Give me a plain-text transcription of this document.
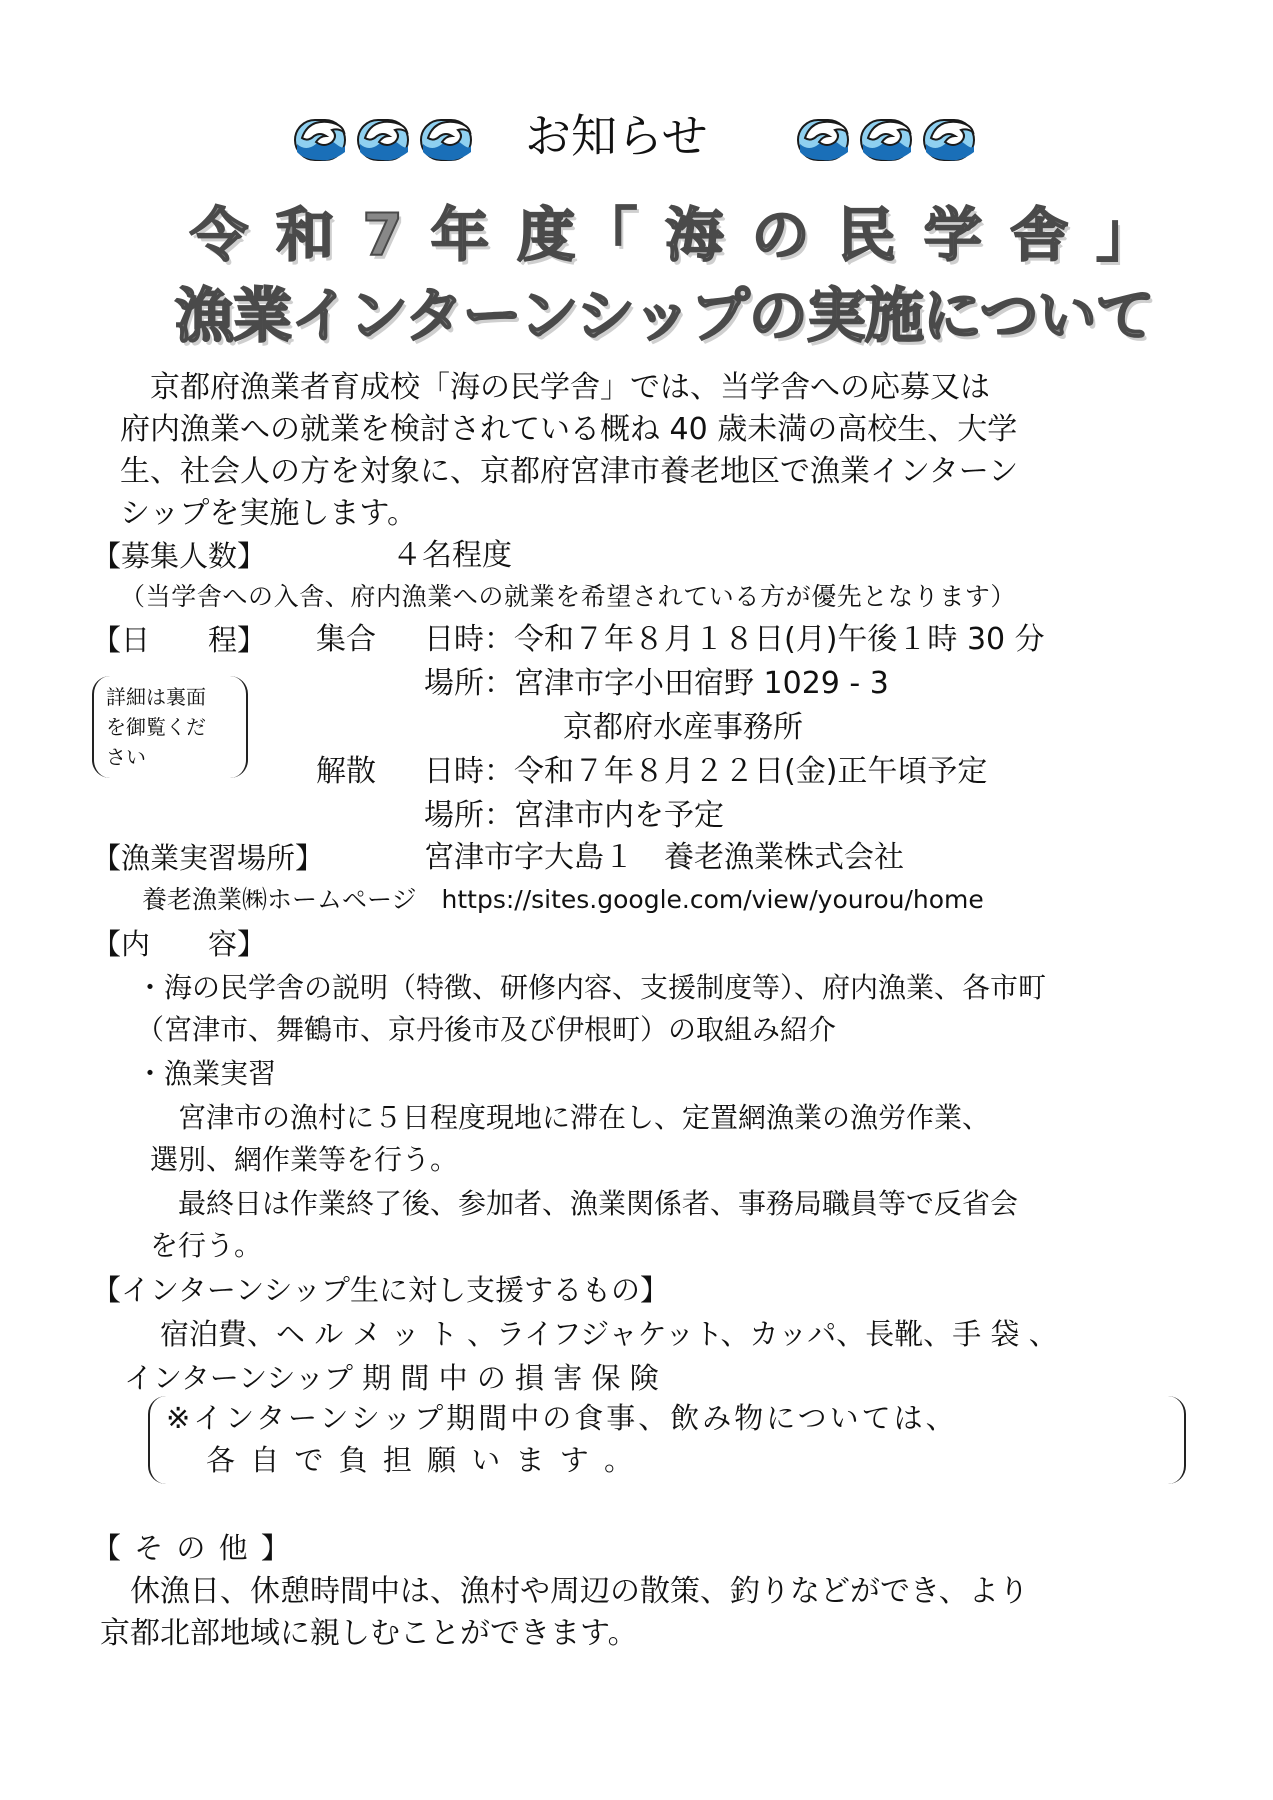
お知らせ
令 和 7 年 度「 海 の 民 学 舎 」
漁業インターンシップの実施について
　京都府漁業者育成校「海の民学舎」では、当学舎への応募又は
府内漁業への就業を検討されている概ね 40 歳未満の高校生、大学
生、社会人の方を対象に、京都府宮津市養老地区で漁業インターン
シップを実施します。
【募集人数】	４名程度
（当学舎への入舎、府内漁業への就業を希望されている方が優先となります）
【日　　程】 集合 日時：令和７年８月１８日(月)午後１時 30 分
場所：宮津市字小田宿野 1029 - 3
京都府水産事務所
解散 日時：令和７年８月２２日(金)正午頃予定
場所：宮津市内を予定
詳細は裏面
を御覧くだ
さい
【漁業実習場所】	宮津市字大島１　養老漁業株式会社
養老漁業㈱ホームページ　https://sites.google.com/view/yourou/home
【内　　容】
・海の民学舎の説明（特徴、研修内容、支援制度等）、府内漁業、各市町
（宮津市、舞鶴市、京丹後市及び伊根町）の取組み紹介
・漁業実習
　宮津市の漁村に５日程度現地に滞在し、定置網漁業の漁労作業、
選別、網作業等を行う。
　最終日は作業終了後、参加者、漁業関係者、事務局職員等で反省会
を行う。
【インターンシップ生に対し支援するもの】
宿泊費、ヘ ル メ ッ ト 、ライフジャケット、カッパ、長靴、手 袋 、
インターンシップ 期 間 中 の 損 害 保 険
※インターンシップ期間中の食事、飲み物については、
各 自 で 負 担 願 い ま す 。
【 そ の 他 】
　休漁日、休憩時間中は、漁村や周辺の散策、釣りなどができ、より
京都北部地域に親しむことができます。
